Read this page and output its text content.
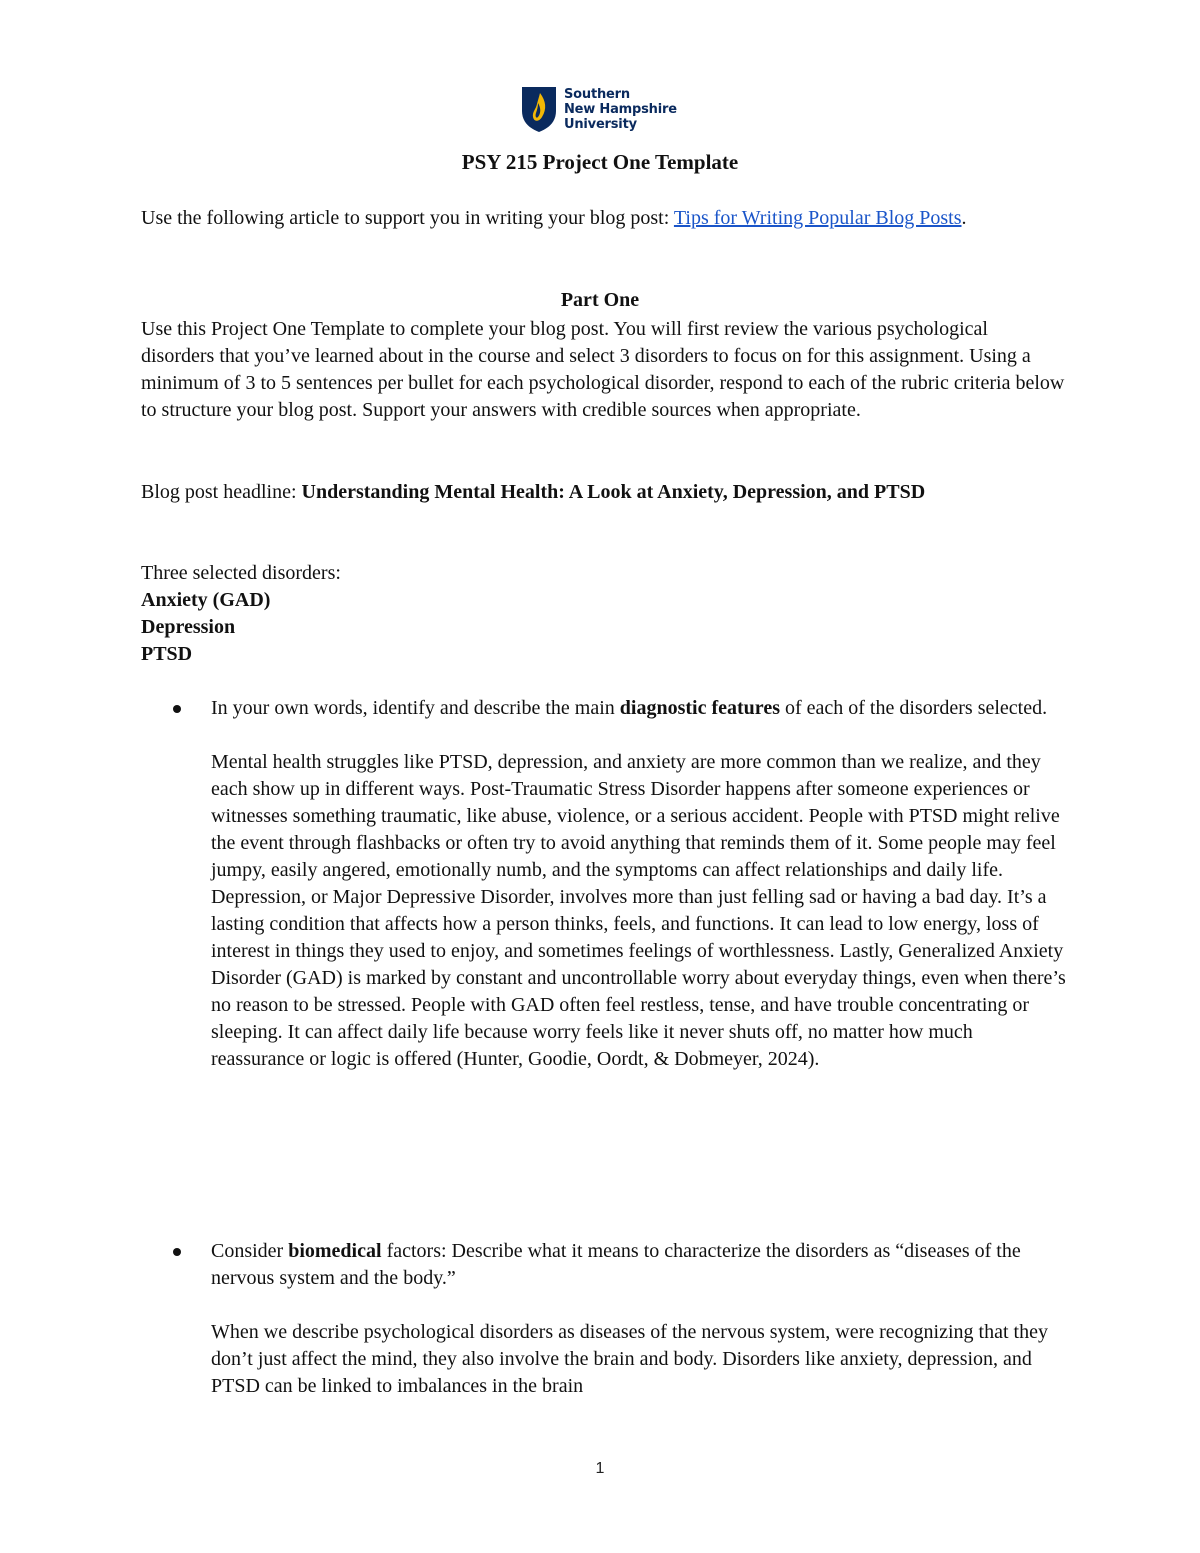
Southern
New Hampshire
University
PSY 215 Project One Template
Use the following article to support you in writing your blog post: Tips for Writing Popular Blog Posts.
Part One
Use this Project One Template to complete your blog post. You will first review the various psychological disorders that you’ve learned about in the course and select 3 disorders to focus on for this assignment. Using a minimum of 3 to 5 sentences per bullet for each psychological disorder, respond to each of the rubric criteria below to structure your blog post. Support your answers with credible sources when appropriate.
Blog post headline: Understanding Mental Health: A Look at Anxiety, Depression, and PTSD
Three selected disorders:
Anxiety (GAD)
Depression
PTSD
In your own words, identify and describe the main diagnostic features of each of the disorders selected.
Mental health struggles like PTSD, depression, and anxiety are more common than we realize, and they each show up in different ways. Post-Traumatic Stress Disorder happens after someone experiences or witnesses something traumatic, like abuse, violence, or a serious accident. People with PTSD might relive the event through flashbacks or often try to avoid anything that reminds them of it. Some people may feel jumpy, easily angered, emotionally numb, and the symptoms can affect relationships and daily life. Depression, or Major Depressive Disorder, involves more than just felling sad or having a bad day. It’s a lasting condition that affects how a person thinks, feels, and functions. It can lead to low energy, loss of interest in things they used to enjoy, and sometimes feelings of worthlessness. Lastly, Generalized Anxiety Disorder (GAD) is marked by constant and uncontrollable worry about everyday things, even when there’s no reason to be stressed. People with GAD often feel restless, tense, and have trouble concentrating or sleeping. It can affect daily life because worry feels like it never shuts off, no matter how much reassurance or logic is offered (Hunter, Goodie, Oordt, & Dobmeyer, 2024).
Consider biomedical factors: Describe what it means to characterize the disorders as “diseases of the nervous system and the body.”
When we describe psychological disorders as diseases of the nervous system, were recognizing that they don’t just affect the mind, they also involve the brain and body. Disorders like anxiety, depression, and PTSD can be linked to imbalances in the brain
1
